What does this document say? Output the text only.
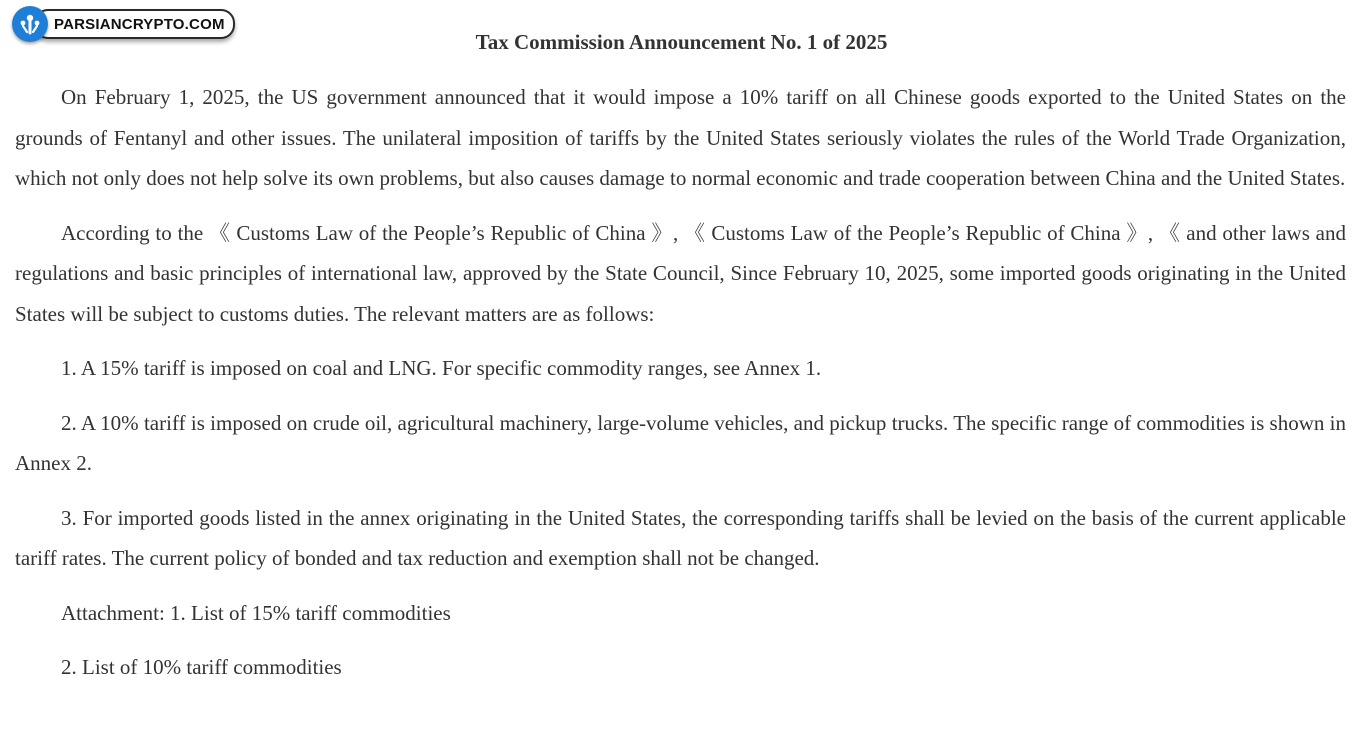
PARSIANCRYPTO.COM
Tax Commission Announcement No. 1 of 2025

On February 1, 2025, the US government announced that it would impose a 10% tariff on all Chinese goods exported to the United States on the grounds of Fentanyl and other issues. The unilateral imposition of tariffs by the United States seriously violates the rules of the World Trade Organization, which not only does not help solve its own problems, but also causes damage to normal economic and trade cooperation between China and the United States.

According to the 《 Customs Law of the People’s Republic of China 》, 《 Customs Law of the People’s Republic of China 》, 《 and other laws and regulations and basic principles of international law, approved by the State Council, Since February 10, 2025, some imported goods originating in the United States will be subject to customs duties. The relevant matters are as follows:

1. A 15% tariff is imposed on coal and LNG. For specific commodity ranges, see Annex 1.

2. A 10% tariff is imposed on crude oil, agricultural machinery, large-volume vehicles, and pickup trucks. The specific range of commodities is shown in Annex 2.

3. For imported goods listed in the annex originating in the United States, the corresponding tariffs shall be levied on the basis of the current applicable tariff rates. The current policy of bonded and tax reduction and exemption shall not be changed.

Attachment: 1. List of 15% tariff commodities

2. List of 10% tariff commodities
